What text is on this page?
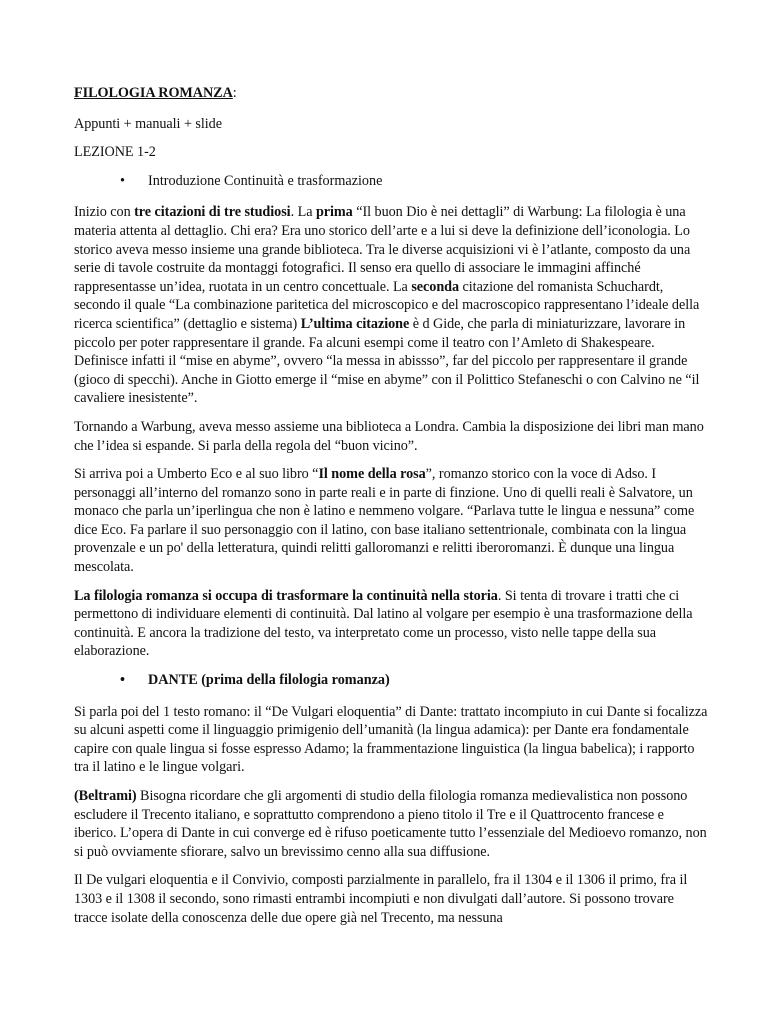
FILOLOGIA ROMANZA:

Appunti + manuali + slide

LEZIONE 1-2

• Introduzione Continuità e trasformazione

Inizio con tre citazioni di tre studiosi. La prima “Il buon Dio è nei dettagli” di Warbung: La filologia è una materia attenta al dettaglio. Chi era? Era uno storico dell’arte e a lui si deve la definizione dell’iconologia. Lo storico aveva messo insieme una grande biblioteca. Tra le diverse acquisizioni vi è l’atlante, composto da una serie di tavole costruite da montaggi fotografici. Il senso era quello di associare le immagini affinché rappresentasse un’idea, ruotata in un centro concettuale. La seconda citazione del romanista Schuchardt, secondo il quale “La combinazione paritetica del microscopico e del macroscopico rappresentano l’ideale della ricerca scientifica” (dettaglio e sistema) L’ultima citazione è d Gide, che parla di miniaturizzare, lavorare in piccolo per poter rappresentare il grande. Fa alcuni esempi come il teatro con l’Amleto di Shakespeare. Definisce infatti il “mise en abyme”, ovvero “la messa in abissso”, far del piccolo per rappresentare il grande (gioco di specchi). Anche in Giotto emerge il “mise en abyme” con il Polittico Stefaneschi o con Calvino ne “il cavaliere inesistente”.

Tornando a Warbung, aveva messo assieme una biblioteca a Londra. Cambia la disposizione dei libri man mano che l’idea si espande. Si parla della regola del “buon vicino”.

Si arriva poi a Umberto Eco e al suo libro “Il nome della rosa”, romanzo storico con la voce di Adso. I personaggi all’interno del romanzo sono in parte reali e in parte di finzione. Uno di quelli reali è Salvatore, un monaco che parla un’iperlingua che non è latino e nemmeno volgare. “Parlava tutte le lingua e nessuna” come dice Eco. Fa parlare il suo personaggio con il latino, con base italiano settentrionale, combinata con la lingua provenzale e un po' della letteratura, quindi relitti galloromanzi e relitti iberoromanzi. È dunque una lingua mescolata.

La filologia romanza si occupa di trasformare la continuità nella storia. Si tenta di trovare i tratti che ci permettono di individuare elementi di continuità. Dal latino al volgare per esempio è una trasformazione della continuità. E ancora la tradizione del testo, va interpretato come un processo, visto nelle tappe della sua elaborazione.

• DANTE (prima della filologia romanza)

Si parla poi del 1 testo romano: il “De Vulgari eloquentia” di Dante: trattato incompiuto in cui Dante si focalizza su alcuni aspetti come il linguaggio primigenio dell’umanità (la lingua adamica): per Dante era fondamentale capire con quale lingua si fosse espresso Adamo; la frammentazione linguistica (la lingua babelica); i rapporto tra il latino e le lingue volgari.

(Beltrami) Bisogna ricordare che gli argomenti di studio della filologia romanza medievalistica non possono escludere il Trecento italiano, e soprattutto comprendono a pieno titolo il Tre e il Quattrocento francese e iberico. L’opera di Dante in cui converge ed è rifuso poeticamente tutto l’essenziale del Medioevo romanzo, non si può ovviamente sfiorare, salvo un brevissimo cenno alla sua diffusione.

Il De vulgari eloquentia e il Convivio, composti parzialmente in parallelo, fra il 1304 e il 1306 il primo, fra il 1303 e il 1308 il secondo, sono rimasti entrambi incompiuti e non divulgati dall’autore. Si possono trovare tracce isolate della conoscenza delle due opere già nel Trecento, ma nessuna
